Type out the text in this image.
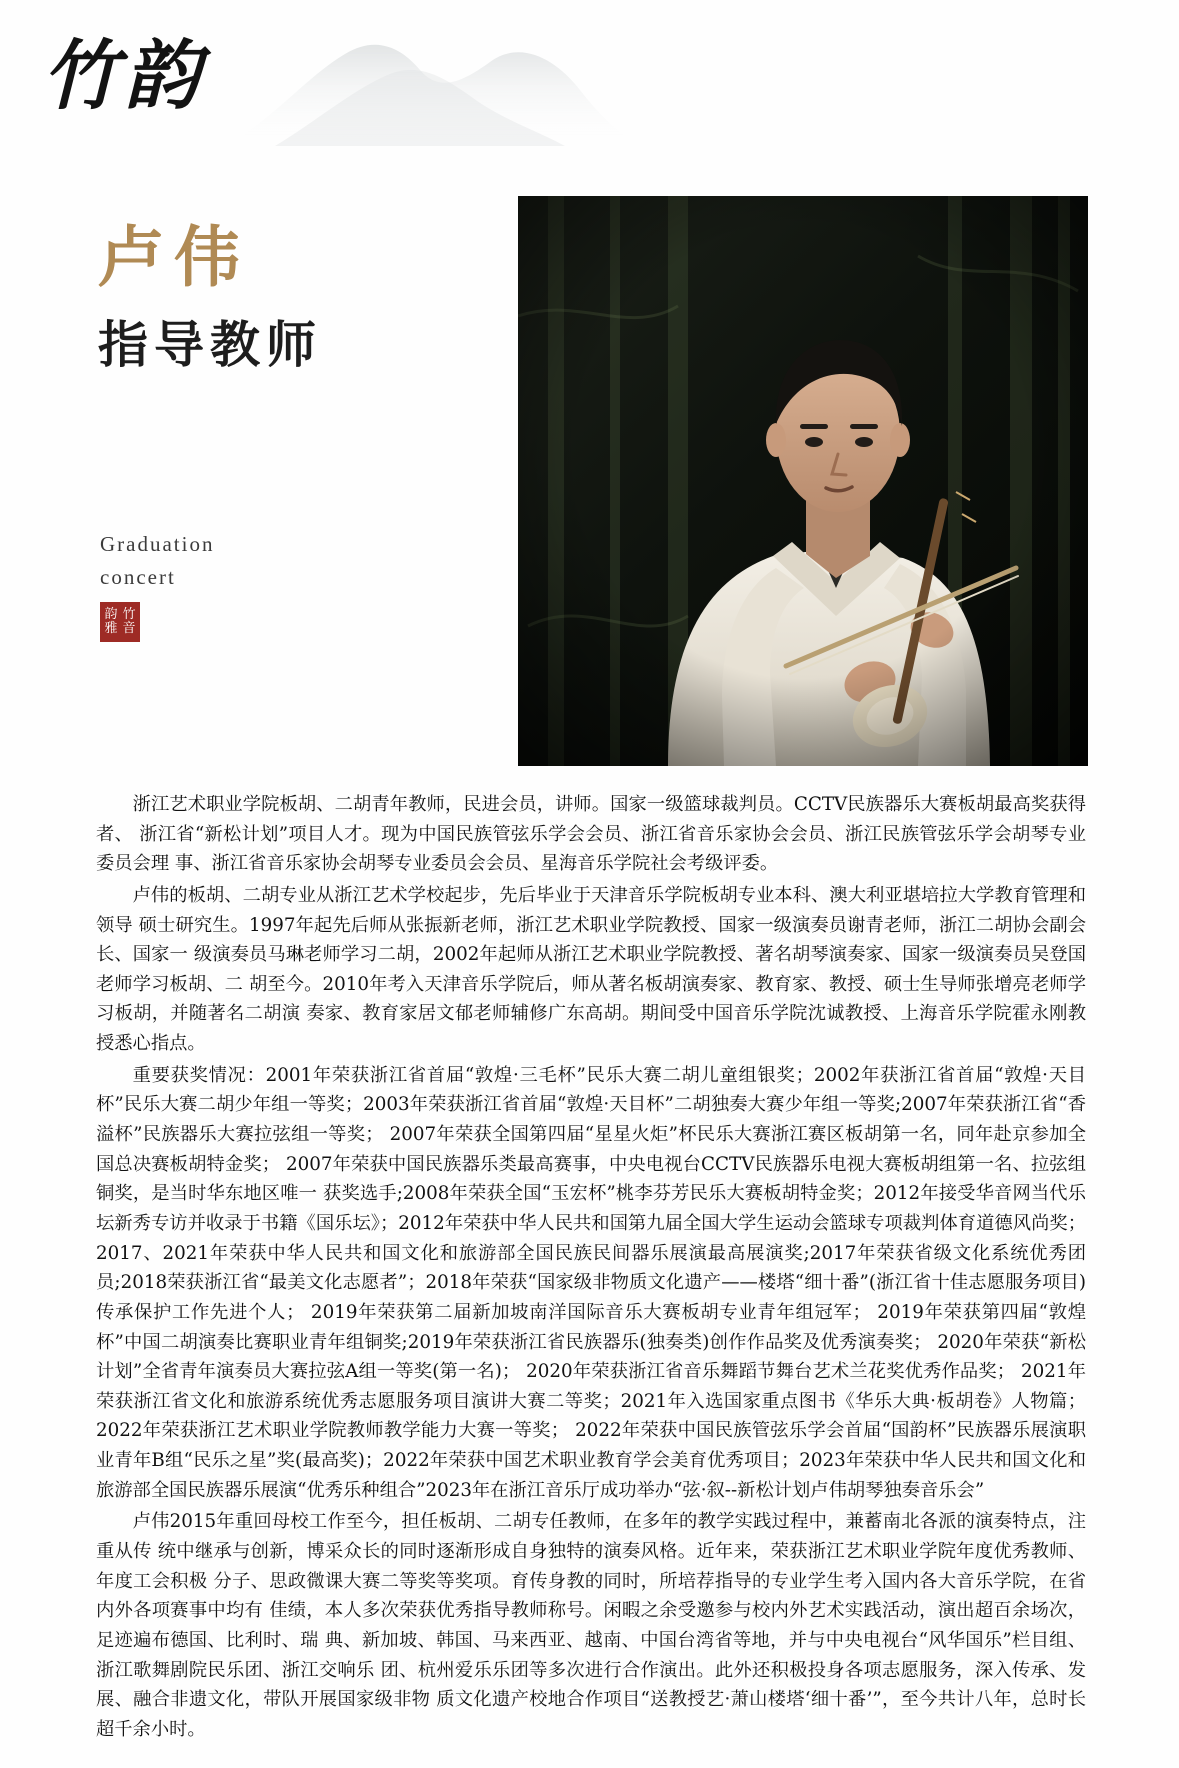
竹韵
卢伟
指导教师
Graduation
concert
韵 竹
雅 音

浙江艺术职业学院板胡、二胡青年教师，民进会员，讲师。国家一级篮球裁判员。CCTV民族器乐大赛板胡最高奖获得者、 浙江省“新松计划”项目人才。现为中国民族管弦乐学会会员、浙江省音乐家协会会员、浙江民族管弦乐学会胡琴专业委员会理 事、浙江省音乐家协会胡琴专业委员会会员、星海音乐学院社会考级评委。

卢伟的板胡、二胡专业从浙江艺术学校起步，先后毕业于天津音乐学院板胡专业本科、澳大利亚堪培拉大学教育管理和领导 硕士研究生。1997年起先后师从张振新老师，浙江艺术职业学院教授、国家一级演奏员谢青老师，浙江二胡协会副会长、国家一 级演奏员马琳老师学习二胡，2002年起师从浙江艺术职业学院教授、著名胡琴演奏家、国家一级演奏员吴登国老师学习板胡、二 胡至今。2010年考入天津音乐学院后，师从著名板胡演奏家、教育家、教授、硕士生导师张增亮老师学习板胡，并随著名二胡演 奏家、教育家居文郁老师辅修广东高胡。期间受中国音乐学院沈诚教授、上海音乐学院霍永刚教授悉心指点。

重要获奖情况：2001年荣获浙江省首届“敦煌·三毛杯”民乐大赛二胡儿童组银奖；2002年获浙江省首届“敦煌·天目杯”民乐大赛二胡少年组一等奖；2003年荣获浙江省首届“敦煌·天目杯”二胡独奏大赛少年组一等奖;2007年荣获浙江省“香溢杯”民族器乐大赛拉弦组一等奖； 2007年荣获全国第四届“星星火炬”杯民乐大赛浙江赛区板胡第一名，同年赴京参加全国总决赛板胡特金奖； 2007年荣获中国民族器乐类最高赛事，中央电视台CCTV民族器乐电视大赛板胡组第一名、拉弦组铜奖，是当时华东地区唯一 获奖选手;2008年荣获全国“玉宏杯”桃李芬芳民乐大赛板胡特金奖；2012年接受华音网当代乐坛新秀专访并收录于书籍《国乐坛》；2012年荣获中华人民共和国第九届全国大学生运动会篮球专项裁判体育道德风尚奖； 2017、2021年荣获中华人民共和国文化和旅游部全国民族民间器乐展演最高展演奖;2017年荣获省级文化系统优秀团员;2018荣获浙江省“最美文化志愿者”；2018年荣获“国家级非物质文化遗产——楼塔“细十番”(浙江省十佳志愿服务项目)传承保护工作先进个人； 2019年荣获第二届新加坡南洋国际音乐大赛板胡专业青年组冠军； 2019年荣获第四届“敦煌杯”中国二胡演奏比赛职业青年组铜奖;2019年荣获浙江省民族器乐(独奏类)创作作品奖及优秀演奏奖； 2020年荣获“新松计划”全省青年演奏员大赛拉弦A组一等奖(第一名)； 2020年荣获浙江省音乐舞蹈节舞台艺术兰花奖优秀作品奖； 2021年荣获浙江省文化和旅游系统优秀志愿服务项目演讲大赛二等奖；2021年入选国家重点图书《华乐大典·板胡卷》人物篇；2022年荣获浙江艺术职业学院教师教学能力大赛一等奖； 2022年荣获中国民族管弦乐学会首届“国韵杯”民族器乐展演职业青年B组“民乐之星”奖(最高奖)；2022年荣获中国艺术职业教育学会美育优秀项目；2023年荣获中华人民共和国文化和旅游部全国民族器乐展演“优秀乐种组合”2023年在浙江音乐厅成功举办“弦·叙--新松计划卢伟胡琴独奏音乐会”

卢伟2015年重回母校工作至今，担任板胡、二胡专任教师，在多年的教学实践过程中，兼蓄南北各派的演奏特点，注重从传 统中继承与创新，博采众长的同时逐渐形成自身独特的演奏风格。近年来，荣获浙江艺术职业学院年度优秀教师、年度工会积极 分子、思政微课大赛二等奖等奖项。育传身教的同时，所培荐指导的专业学生考入国内各大音乐学院，在省内外各项赛事中均有 佳绩，本人多次荣获优秀指导教师称号。闲暇之余受邀参与校内外艺术实践活动，演出超百余场次，足迹遍布德国、比利时、瑞 典、新加坡、韩国、马来西亚、越南、中国台湾省等地，并与中央电视台“风华国乐”栏目组、浙江歌舞剧院民乐团、浙江交响乐 团、杭州爱乐乐团等多次进行合作演出。此外还积极投身各项志愿服务，深入传承、发展、融合非遗文化，带队开展国家级非物 质文化遗产校地合作项目“送教授艺·萧山楼塔‘细十番’”，至今共计八年，总时长超千余小时。
